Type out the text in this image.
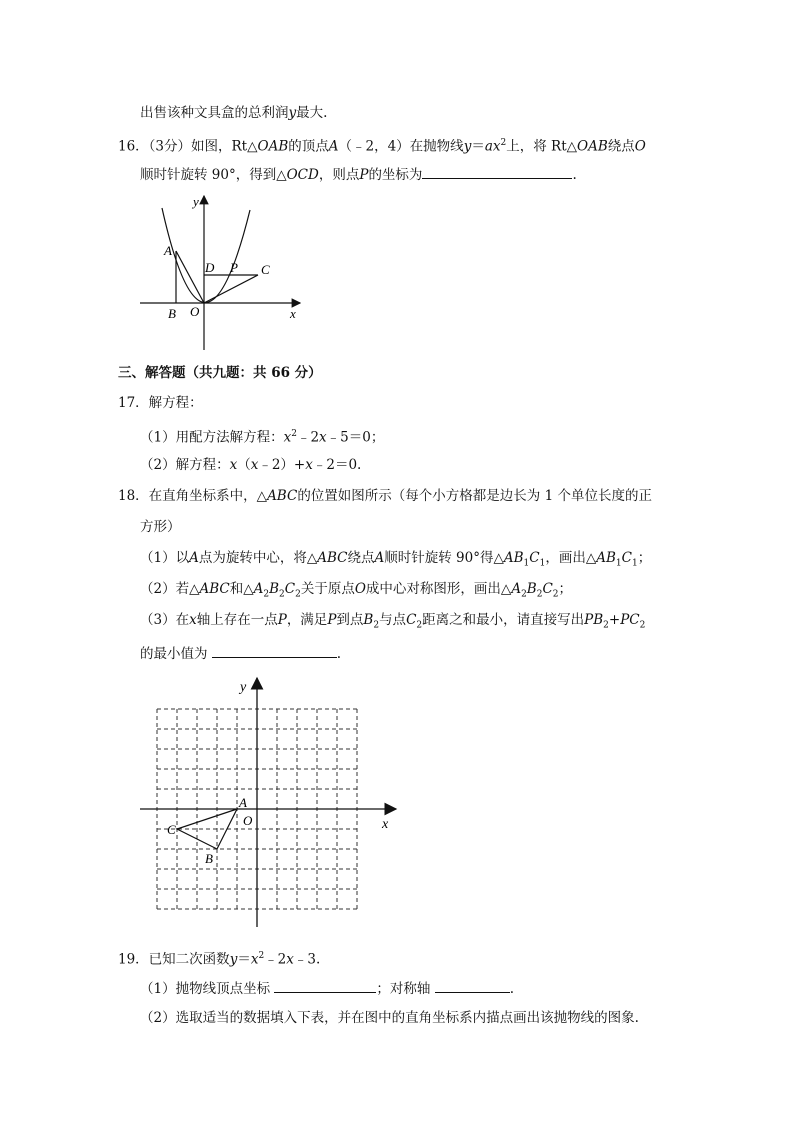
出售该种文具盒的总利润y最大.
16．（3分）如图，Rt△OAB的顶点A（﹣2，4）在抛物线$y=ax^2$上，将 Rt△OAB绕点O
顺时针旋转 90°，得到△OCD，则点P的坐标为	.
y
x
A
B O
D P C
三、解答题（共九题：共 66 分）
17．解方程：
（1）用配方法解方程：$x^2﹣2x﹣5=0$；
（2）解方程：x（x﹣2）+x﹣2＝0.
18．在直角坐标系中，△ABC的位置如图所示（每个小方格都是边长为 1 个单位长度的正
方形）
（1）以A点为旋转中心，将△ABC绕点A顺时针旋转 90°得$\triangle AB_1C_1$，画出$\triangle AB_1C_1$；
（2）若△ABC和$\triangle A_2B_2C_2$关于原点O成中心对称图形，画出$\triangle A_2B_2C_2$；
（3）在x轴上存在一点P，满足P到点$B_2$与点$C_2$距离之和最小，请直接写出$PB_2+PC_2$
的最小值为	.
y
x
A
O
C
B
19．已知二次函数$y=x^2﹣2x﹣3$.
（1）抛物线顶点坐标	；对称轴	.
（2）选取适当的数据填入下表，并在图中的直角坐标系内描点画出该抛物线的图象.
